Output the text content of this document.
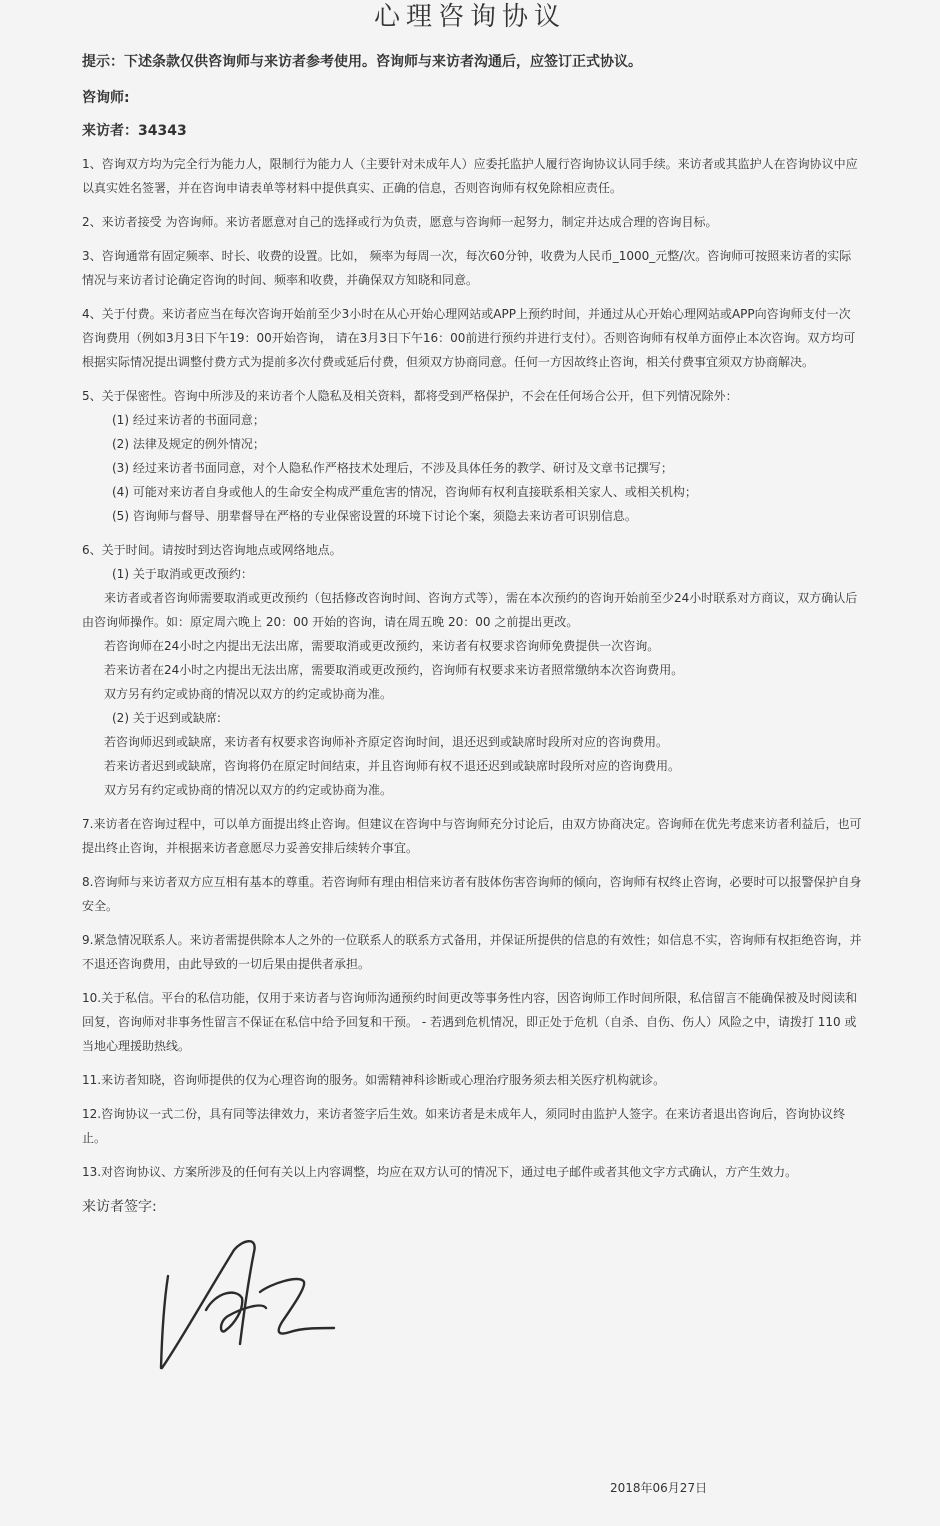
心理咨询协议
提示：下述条款仅供咨询师与来访者参考使用。咨询师与来访者沟通后，应签订正式协议。
咨询师:
来访者：34343

1、咨询双方均为完全行为能力人，限制行为能力人（主要针对未成年人）应委托监护人履行咨询协议认同手续。来访者或其监护人在咨询协议中应以真实姓名签署，并在咨询申请表单等材料中提供真实、正确的信息，否则咨询师有权免除相应责任。

2、来访者接受 为咨询师。来访者愿意对自己的选择或行为负责，愿意与咨询师一起努力，制定并达成合理的咨询目标。

3、咨询通常有固定频率、时长、收费的设置。比如， 频率为每周一次，每次60分钟，收费为人民币_1000_元整/次。咨询师可按照来访者的实际情况与来访者讨论确定咨询的时间、频率和收费，并确保双方知晓和同意。

4、关于付费。来访者应当在每次咨询开始前至少3小时在从心开始心理网站或APP上预约时间，并通过从心开始心理网站或APP向咨询师支付一次咨询费用（例如3月3日下午19：00开始咨询， 请在3月3日下午16：00前进行预约并进行支付）。否则咨询师有权单方面停止本次咨询。双方均可根据实际情况提出调整付费方式为提前多次付费或延后付费，但须双方协商同意。任何一方因故终止咨询，相关付费事宜须双方协商解决。

5、关于保密性。咨询中所涉及的来访者个人隐私及相关资料，都将受到严格保护，不会在任何场合公开，但下列情况除外：

(1) 经过来访者的书面同意；

(2) 法律及规定的例外情况；

(3) 经过来访者书面同意，对个人隐私作严格技术处理后，不涉及具体任务的教学、研讨及文章书记撰写；

(4) 可能对来访者自身或他人的生命安全构成严重危害的情况，咨询师有权利直接联系相关家人、或相关机构；

(5) 咨询师与督导、朋辈督导在严格的专业保密设置的环境下讨论个案，须隐去来访者可识别信息。

6、关于时间。请按时到达咨询地点或网络地点。

(1) 关于取消或更改预约：

来访者或者咨询师需要取消或更改预约（包括修改咨询时间、咨询方式等），需在本次预约的咨询开始前至少24小时联系对方商议，双方确认后由咨询师操作。如：原定周六晚上 20：00 开始的咨询，请在周五晚 20：00 之前提出更改。

若咨询师在24小时之内提出无法出席，需要取消或更改预约，来访者有权要求咨询师免费提供一次咨询。

若来访者在24小时之内提出无法出席，需要取消或更改预约，咨询师有权要求来访者照常缴纳本次咨询费用。

双方另有约定或协商的情况以双方的约定或协商为准。

(2) 关于迟到或缺席:

若咨询师迟到或缺席，来访者有权要求咨询师补齐原定咨询时间，退还迟到或缺席时段所对应的咨询费用。

若来访者迟到或缺席，咨询将仍在原定时间结束，并且咨询师有权不退还迟到或缺席时段所对应的咨询费用。

双方另有约定或协商的情况以双方的约定或协商为准。

7.来访者在咨询过程中，可以单方面提出终止咨询。但建议在咨询中与咨询师充分讨论后，由双方协商决定。咨询师在优先考虑来访者利益后，也可提出终止咨询，并根据来访者意愿尽力妥善安排后续转介事宜。

8.咨询师与来访者双方应互相有基本的尊重。若咨询师有理由相信来访者有肢体伤害咨询师的倾向，咨询师有权终止咨询，必要时可以报警保护自身安全。

9.紧急情况联系人。来访者需提供除本人之外的一位联系人的联系方式备用，并保证所提供的信息的有效性；如信息不实，咨询师有权拒绝咨询，并不退还咨询费用，由此导致的一切后果由提供者承担。

10.关于私信。平台的私信功能，仅用于来访者与咨询师沟通预约时间更改等事务性内容，因咨询师工作时间所限，私信留言不能确保被及时阅读和回复，咨询师对非事务性留言不保证在私信中给予回复和干预。 - 若遇到危机情况，即正处于危机（自杀、自伤、伤人）风险之中，请拨打 110 或当地心理援助热线。

11.来访者知晓，咨询师提供的仅为心理咨询的服务。如需精神科诊断或心理治疗服务须去相关医疗机构就诊。

12.咨询协议一式二份，具有同等法律效力，来访者签字后生效。如来访者是未成年人，须同时由监护人签字。在来访者退出咨询后，咨询协议终止。

13.对咨询协议、方案所涉及的任何有关以上内容调整，均应在双方认可的情况下，通过电子邮件或者其他文字方式确认，方产生效力。

来访者签字:
2018年06月27日
